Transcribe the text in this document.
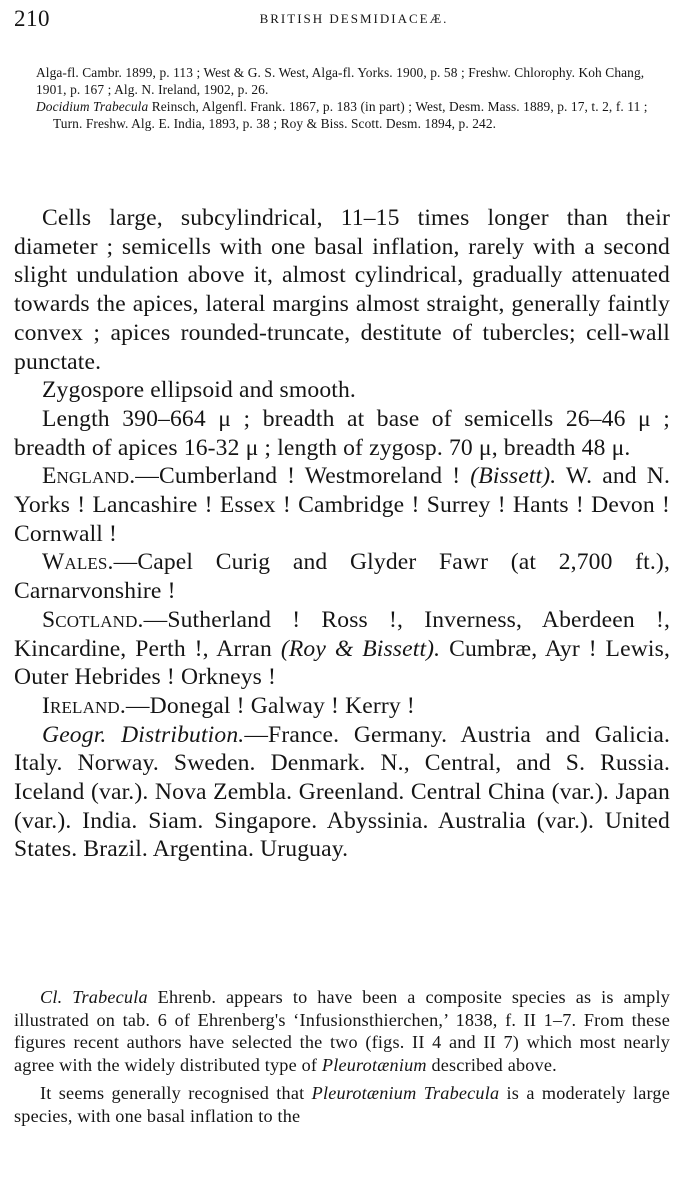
210	BRITISH DESMIDIACEÆ.
Alga-fl. Cambr. 1899, p. 113 ; West & G. S. West, Alga-fl. Yorks. 1900, p. 58 ; Freshw. Chlorophy. Koh Chang, 1901, p. 167 ; Alg. N. Ireland, 1902, p. 26.
Docidium Trabecula Reinsch, Algenfl. Frank. 1867, p. 183 (in part) ; West, Desm. Mass. 1889, p. 17, t. 2, f. 11 ; Turn. Freshw. Alg. E. India, 1893, p. 38 ; Roy & Biss. Scott. Desm. 1894, p. 242.

Cells large, subcylindrical, 11–15 times longer than their diameter ; semicells with one basal inflation, rarely with a second slight undulation above it, almost cylindrical, gradually attenuated towards the apices, lateral margins almost straight, generally faintly convex ; apices rounded-truncate, destitute of tubercles; cell-wall punctate.

Zygospore ellipsoid and smooth.

Length 390–664 μ ; breadth at base of semicells 26–46 μ ; breadth of apices 16-32 μ ; length of zygosp. 70 μ, breadth 48 μ.

England.—Cumberland ! Westmoreland ! (Bissett). W. and N. Yorks ! Lancashire ! Essex ! Cambridge ! Surrey ! Hants ! Devon ! Cornwall !

Wales.—Capel Curig and Glyder Fawr (at 2,700 ft.), Carnarvonshire !

Scotland.—Sutherland ! Ross !, Inverness, Aberdeen !, Kincardine, Perth !, Arran (Roy & Bissett). Cumbræ, Ayr ! Lewis, Outer Hebrides ! Orkneys !

Ireland.—Donegal ! Galway ! Kerry !

Geogr. Distribution.—France. Germany. Austria and Galicia. Italy. Norway. Sweden. Denmark. N., Central, and S. Russia. Iceland (var.). Nova Zembla. Greenland. Central China (var.). Japan (var.). India. Siam. Singapore. Abyssinia. Australia (var.). United States. Brazil. Argentina. Uruguay.

Cl. Trabecula Ehrenb. appears to have been a composite species as is amply illustrated on tab. 6 of Ehrenberg's ‘Infusionsthierchen,’ 1838, f. II 1–7. From these figures recent authors have selected the two (figs. II 4 and II 7) which most nearly agree with the widely distributed type of Pleurotænium described above.

It seems generally recognised that Pleurotænium Trabecula is a moderately large species, with one basal inflation to the
